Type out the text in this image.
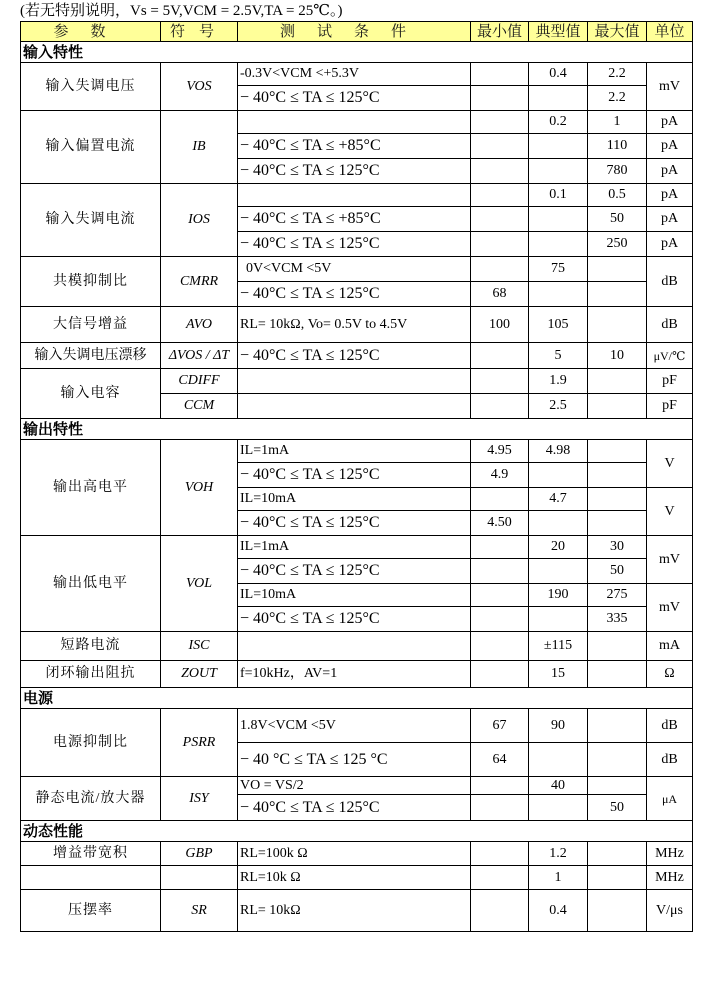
(若无特别说明，Vs = 5V,VCM = 2.5V,TA = 25℃。)
参数	符号	测试条件	最小值	典型值	最大值	单位
输入特性						
输入失调电压	VOS	-0.3V<VCM <+5.3V		0.4	2.2	mV
		− 40°C ≤ TA ≤ 125°C			2.2	
输入偏置电流	IB			0.2	1	pA
		− 40°C ≤ TA ≤ +85°C			110	pA
		− 40°C ≤ TA ≤ 125°C			780	pA
输入失调电流	IOS			0.1	0.5	pA
		− 40°C ≤ TA ≤ +85°C			50	pA
		− 40°C ≤ TA ≤ 125°C			250	pA
共模抑制比	CMRR	0V<VCM <5V		75		dB
		− 40°C ≤ TA ≤ 125°C	68			
大信号增益	AVO	RL= 10kΩ, Vo= 0.5V to 4.5V	100	105		dB
输入失调电压漂移	ΔVOS / ΔT	− 40°C ≤ TA ≤ 125°C		5	10	μV/℃
输入电容	CDIFF			1.9		pF
	CCM			2.5		pF
输出特性						
输出高电平	VOH	IL=1mA	4.95	4.98		V
		− 40°C ≤ TA ≤ 125°C	4.9			
		IL=10mA		4.7		V
		− 40°C ≤ TA ≤ 125°C	4.50			
输出低电平	VOL	IL=1mA		20	30	mV
		− 40°C ≤ TA ≤ 125°C			50	
		IL=10mA		190	275	mV
		− 40°C ≤ TA ≤ 125°C			335	
短路电流	ISC			±115		mA
闭环输出阻抗	ZOUT	f=10kHz，AV=1		15		Ω
电源						
电源抑制比	PSRR	1.8V<VCM <5V	67	90		dB
		− 40 °C ≤ TA ≤ 125 °C	64			dB
静态电流/放大器	ISY	VO = VS/2		40		μA
		− 40°C ≤ TA ≤ 125°C			50	
动态性能						
增益带宽积	GBP	RL=100k Ω		1.2		MHz
		RL=10k Ω		1		MHz
压摆率	SR	RL= 10kΩ		0.4		V/μs
